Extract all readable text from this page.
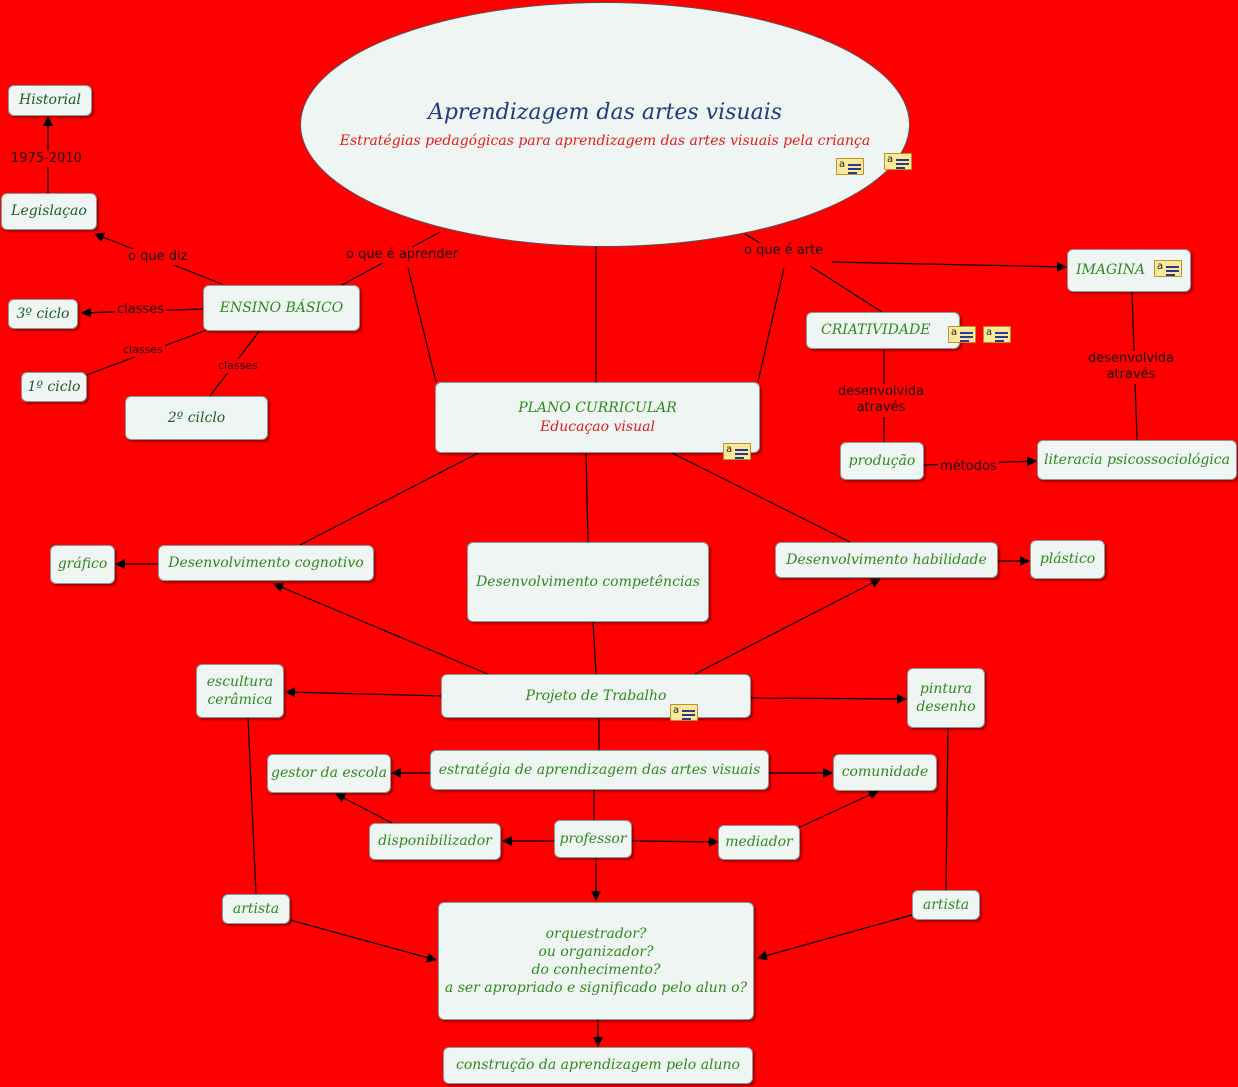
Aprendizagem das artes visuais
Estratégias pedagógicas para aprendizagem das artes visuais pela criança
a	a
Historial
1975-2010
Legislaçao
o que diz	o que é aprender
ENSINO BÁSICO
classes
3º ciclo
classes
classes
1º ciclo
2º cilclo
PLANO CURRICULAR
Educaçao visual
a
o que é arte
IMAGINA a
CRIATIVIDADE a	a
desenvolvida
através
desenvolvida
através
produção métodos	literacia psicossociológica
gráfico	Desenvolvimento cognotivo
Desenvolvimento competências
Desenvolvimento habilidade	plástico
escultura
cerâmica	Projeto de Trabalho
a
pintura
desenho
gestor da escola	estratégia de aprendizagem das artes visuais	comunidade
disponibilizador	professor	mediador
artista	artista
orquestrador?
ou organizador?
do conhecimento?
a ser apropriado e significado pelo alun o?
construção da aprendizagem pelo aluno
